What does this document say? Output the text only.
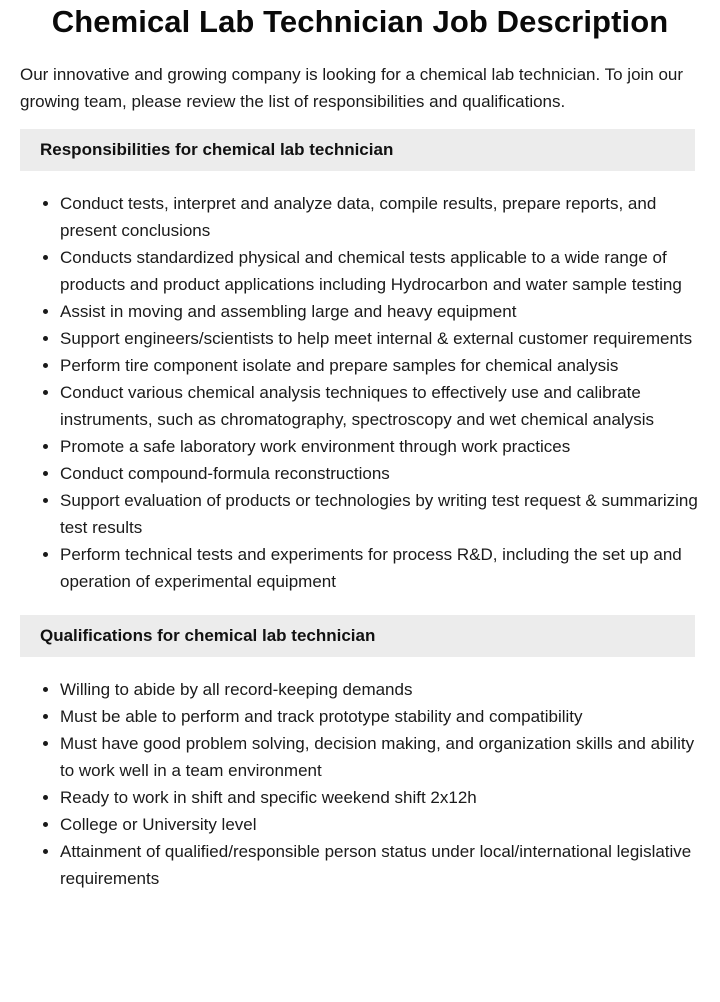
Chemical Lab Technician Job Description

Our innovative and growing company is looking for a chemical lab technician. To join our growing team, please review the list of responsibilities and qualifications.

Responsibilities for chemical lab technician
• Conduct tests, interpret and analyze data, compile results, prepare reports, and present conclusions
• Conducts standardized physical and chemical tests applicable to a wide range of products and product applications including Hydrocarbon and water sample testing
• Assist in moving and assembling large and heavy equipment
• Support engineers/scientists to help meet internal & external customer requirements
• Perform tire component isolate and prepare samples for chemical analysis
• Conduct various chemical analysis techniques to effectively use and calibrate instruments, such as chromatography, spectroscopy and wet chemical analysis
• Promote a safe laboratory work environment through work practices
• Conduct compound-formula reconstructions
• Support evaluation of products or technologies by writing test request & summarizing test results
• Perform technical tests and experiments for process R&D, including the set up and operation of experimental equipment
Qualifications for chemical lab technician
• Willing to abide by all record-keeping demands
• Must be able to perform and track prototype stability and compatibility
• Must have good problem solving, decision making, and organization skills and ability to work well in a team environment
• Ready to work in shift and specific weekend shift 2x12h
• College or University level
• Attainment of qualified/responsible person status under local/international legislative requirements
